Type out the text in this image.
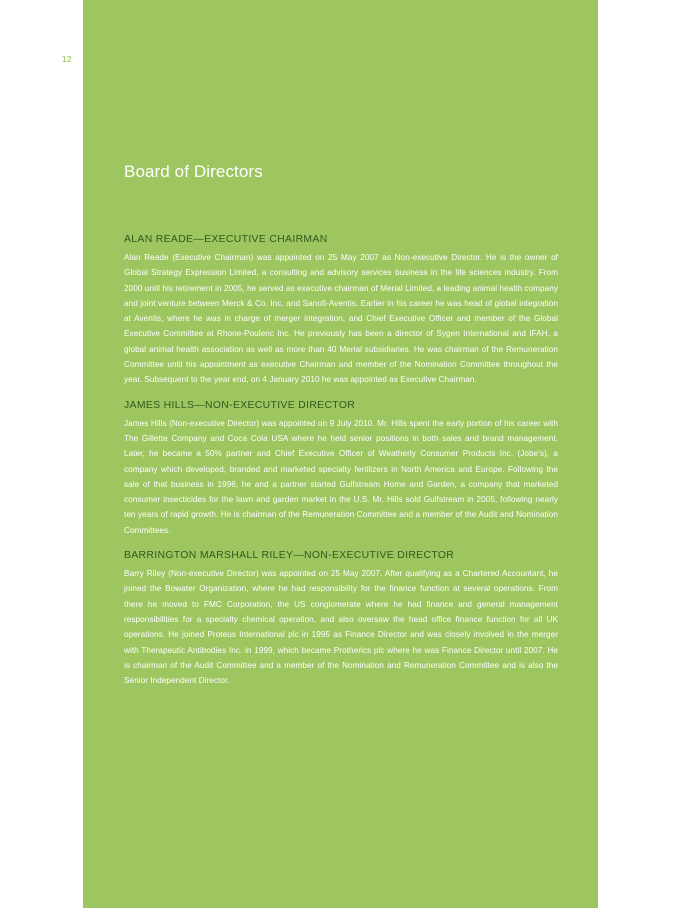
12
Board of Directors
ALAN READE—EXECUTIVE CHAIRMAN

Alan Reade (Executive Chairman) was appointed on 25 May 2007 as Non-executive Director. He is the owner of Global Strategy Expression Limited, a consulting and advisory services business in the life sciences industry. From 2000 until his retirement in 2005, he served as executive chairman of Merial Limited, a leading animal health company and joint venture between Merck & Co. Inc. and Sanofi-Aventis. Earlier in his career he was head of global integration at Aventis, where he was in charge of merger integration, and Chief Executive Officer and member of the Global Executive Committee at Rhone-Poulenc Inc. He previously has been a director of Sygen International and IFAH, a global animal health association as well as more than 40 Merial subsidiaries. He was chairman of the Remuneration Committee until his appointment as executive Chairman and member of the Nomination Committee throughout the year. Subsequent to the year end, on 4 January 2010 he was appointed as Executive Chairman.

JAMES HILLS—NON-EXECUTIVE DIRECTOR

James Hills (Non-executive Director) was appointed on 9 July 2010. Mr. Hills spent the early portion of his career with The Gillette Company and Coca Cola USA where he held senior positions in both sales and brand management. Later, he became a 50% partner and Chief Executive Officer of Weatherly Consumer Products Inc. (Jobe's), a company which developed, branded and marketed specialty fertilizers in North America and Europe. Following the sale of that business in 1996, he and a partner started Gulfstream Home and Garden, a company that marketed consumer insecticides for the lawn and garden market in the U.S. Mr. Hills sold Gulfstream in 2005, following nearly ten years of rapid growth. He is chairman of the Remuneration Committee and a member of the Audit and Nomination Committees.

BARRINGTON MARSHALL RILEY—NON-EXECUTIVE DIRECTOR

Barry Riley (Non-executive Director) was appointed on 25 May 2007. After qualifying as a Chartered Accountant, he joined the Bowater Organization, where he had responsibility for the finance function at several operations. From there he moved to FMC Corporation, the US conglomerate where he had finance and general management responsibilities for a specialty chemical operation, and also oversaw the head office finance function for all UK operations. He joined Proteus International plc in 1995 as Finance Director and was closely involved in the merger with Therapeutic Antibodies Inc. in 1999, which became Protherics plc where he was Finance Director until 2007. He is chairman of the Audit Committee and a member of the Nomination and Remuneration Committee and is also the Senior Independent Director.
